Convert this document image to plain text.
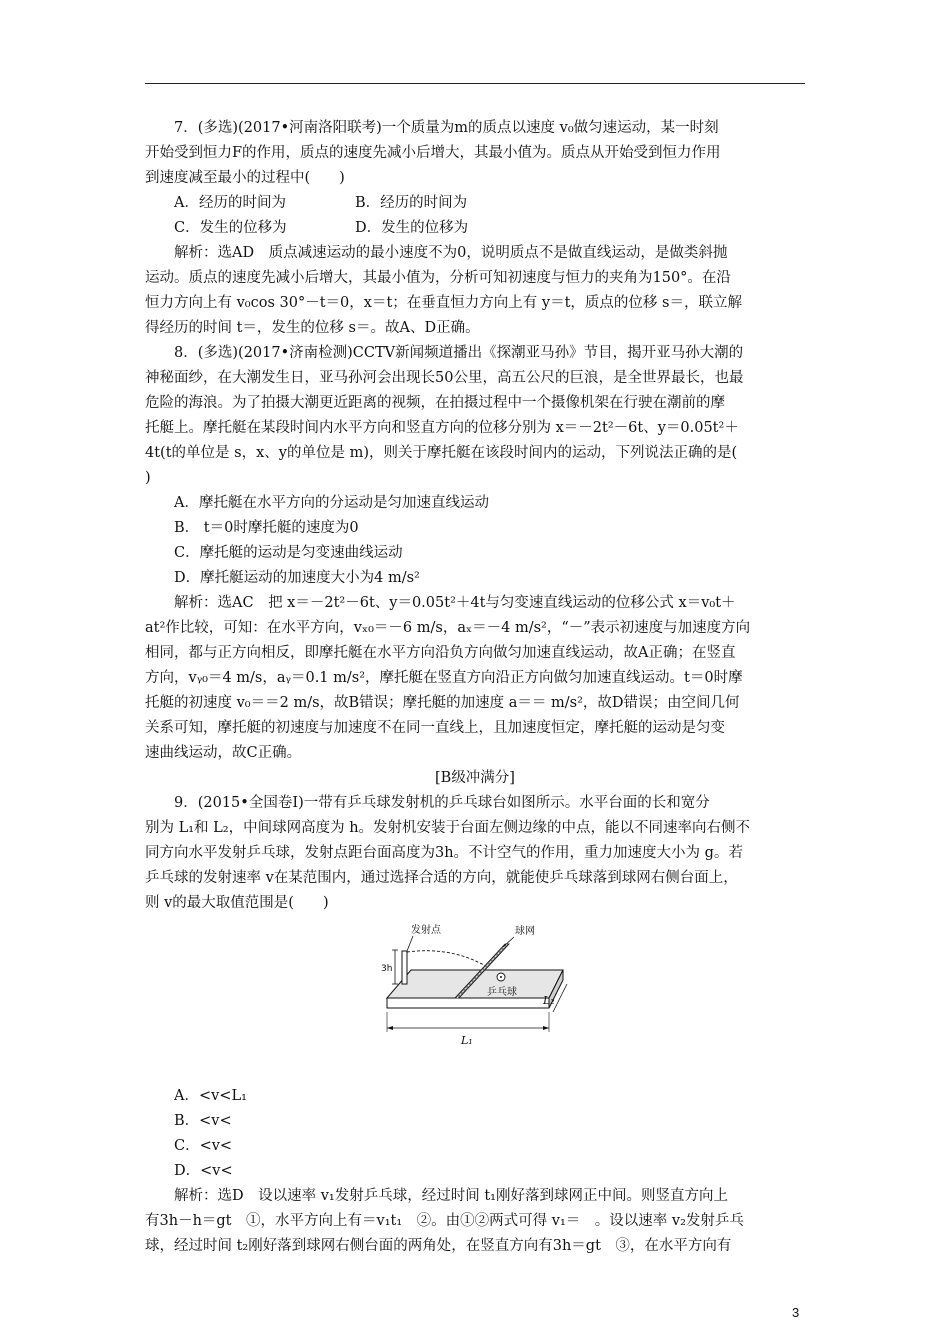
7．(多选)(2017•河南洛阳联考)一个质量为m的质点以速度 v₀做匀速运动，某一时刻

开始受到恒力F的作用，质点的速度先减小后增大，其最小值为。质点从开始受到恒力作用

到速度减至最小的过程中(　　)

A．经历的时间为	B．经历的时间为
C．发生的位移为	D．发生的位移为

解析：选AD　质点减速运动的最小速度不为0，说明质点不是做直线运动，是做类斜抛

运动。质点的速度先减小后增大，其最小值为，分析可知初速度与恒力的夹角为150°。在沿

恒力方向上有 v₀cos 30°－t＝0，x＝t；在垂直恒力方向上有 y＝t，质点的位移 s＝，联立解

得经历的时间 t＝，发生的位移 s＝。故A、D正确。

8．(多选)(2017•济南检测)CCTV新闻频道播出《探潮亚马孙》节目，揭开亚马孙大潮的

神秘面纱，在大潮发生日，亚马孙河会出现长50公里，高五公尺的巨浪，是全世界最长，也最

危险的海浪。为了拍摄大潮更近距离的视频，在拍摄过程中一个摄像机架在行驶在潮前的摩

托艇上。摩托艇在某段时间内水平方向和竖直方向的位移分别为 x＝－2t²－6t、y＝0.05t²＋

4t(t的单位是 s，x、y的单位是 m)，则关于摩托艇在该段时间内的运动，下列说法正确的是(

)

A．摩托艇在水平方向的分运动是匀加速直线运动

B． t＝0时摩托艇的速度为0

C．摩托艇的运动是匀变速曲线运动

D．摩托艇运动的加速度大小为4 m/s²

解析：选AC　把 x＝－2t²－6t、y＝0.05t²＋4t与匀变速直线运动的位移公式 x＝v₀t＋

at²作比较，可知：在水平方向，vₓ₀＝－6 m/s，aₓ＝－4 m/s²，“－”表示初速度与加速度方向

相同，都与正方向相反，即摩托艇在水平方向沿负方向做匀加速直线运动，故A正确；在竖直

方向，vᵧ₀＝4 m/s，aᵧ＝0.1 m/s²，摩托艇在竖直方向沿正方向做匀加速直线运动。t＝0时摩

托艇的初速度 v₀＝＝2 m/s，故B错误；摩托艇的加速度 a＝＝ m/s²，故D错误；由空间几何

关系可知，摩托艇的初速度与加速度不在同一直线上，且加速度恒定，摩托艇的运动是匀变

速曲线运动，故C正确。

[B级冲满分]

9．(2015•全国卷Ⅰ)一带有乒乓球发射机的乒乓球台如图所示。水平台面的长和宽分

别为 L₁和 L₂，中间球网高度为 h。发射机安装于台面左侧边缘的中点，能以不同速率向右侧不

同方向水平发射乒乓球，发射点距台面高度为3h。不计空气的作用，重力加速度大小为 g。若

乒乓球的发射速率 v在某范围内，通过选择合适的方向，就能使乒乓球落到球网右侧台面上，

则 v的最大取值范围是(　　)

3h
发射点	球网
乒乓球
L₁
L₂

A．<v<L₁

B．<v<

C．<v<

D．<v<

解析：选D　设以速率 v₁发射乒乓球，经过时间 t₁刚好落到球网正中间。则竖直方向上

有3h－h＝gt　①，水平方向上有＝v₁t₁　②。由①②两式可得 v₁＝　。设以速率 v₂发射乒乓

球，经过时间 t₂刚好落到球网右侧台面的两角处，在竖直方向有3h＝gt　③，在水平方向有

3
